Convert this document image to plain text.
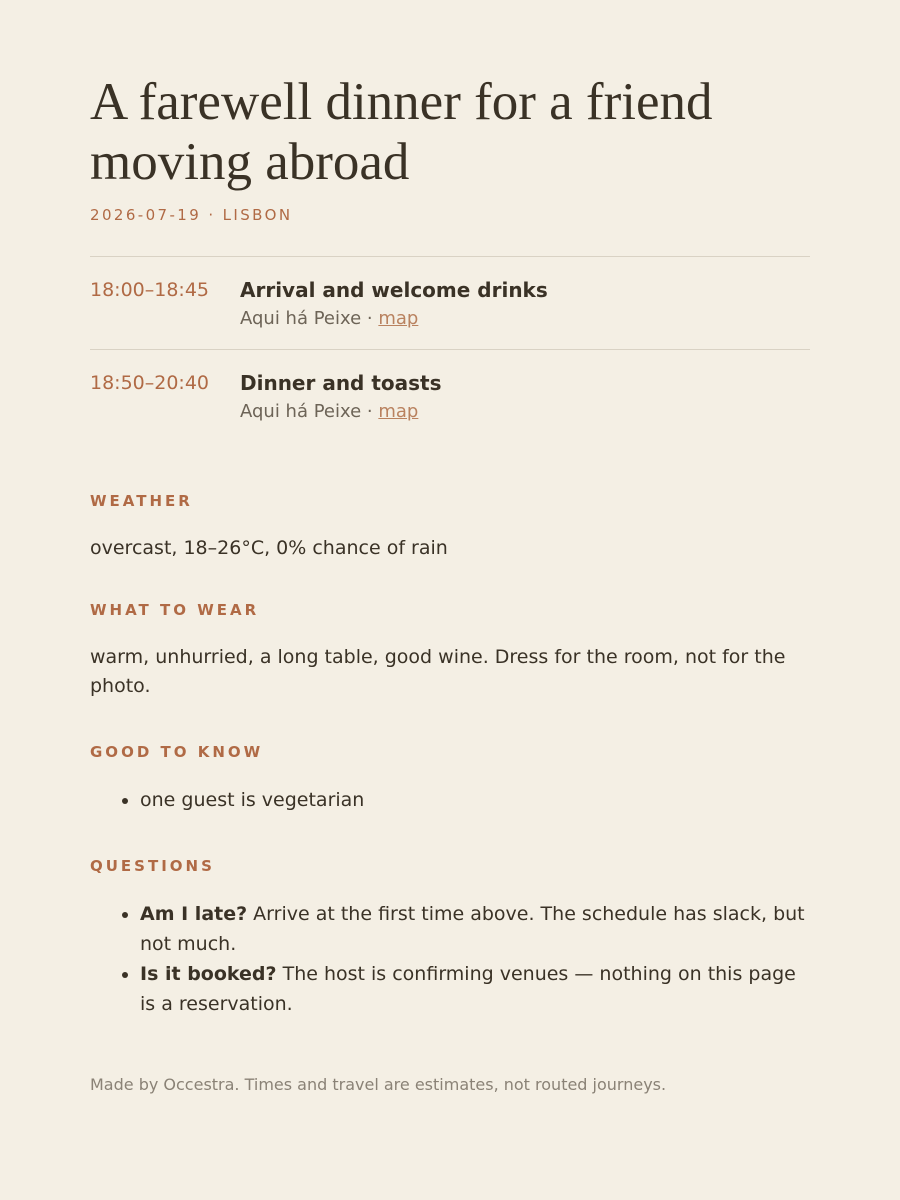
A farewell dinner for a friend moving abroad
2026-07-19 · LISBON
18:00–18:45	Arrival and welcome drinks
Aqui há Peixe · map
18:50–20:40	Dinner and toasts
Aqui há Peixe · map
WEATHER
overcast, 18–26°C, 0% chance of rain
WHAT TO WEAR
warm, unhurried, a long table, good wine. Dress for the room, not for the photo.
GOOD TO KNOW
• one guest is vegetarian
QUESTIONS
• Am I late? Arrive at the first time above. The schedule has slack, but not much.
• Is it booked? The host is confirming venues — nothing on this page is a reservation.
Made by Occestra. Times and travel are estimates, not routed journeys.
